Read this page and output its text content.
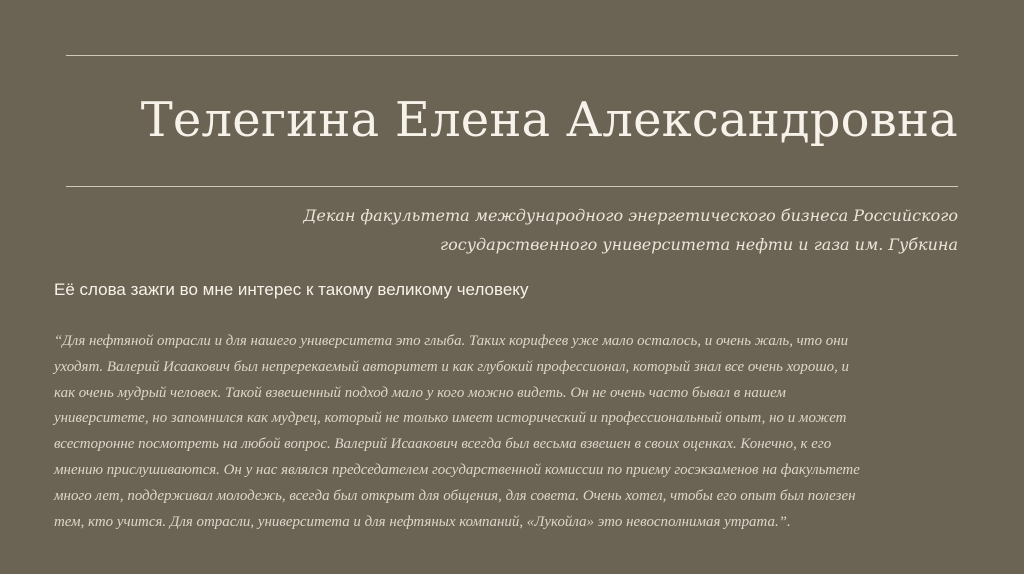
Телегина Елена Александровна

Декан факультета международного энергетического бизнеса Российского
государственного университета нефти и газа им. Губкина

Её слова зажги во мне интерес к такому великому человеку

“Для нефтяной отрасли и для нашего университета это глыба. Таких корифеев уже мало осталось, и очень жаль, что они
уходят. Валерий Исаакович был непререкаемый авторитет и как глубокий профессионал, который знал все очень хорошо, и
как очень мудрый человек. Такой взвешенный подход мало у кого можно видеть. Он не очень часто бывал в нашем
университете, но запомнился как мудрец, который не только имеет исторический и профессиональный опыт, но и может
всесторонне посмотреть на любой вопрос. Валерий Исаакович всегда был весьма взвешен в своих оценках. Конечно, к его
мнению прислушиваются. Он у нас являлся председателем государственной комиссии по приему госэкзаменов на факультете
много лет, поддерживал молодежь, всегда был открыт для общения, для совета. Очень хотел, чтобы его опыт был полезен
тем, кто учится. Для отрасли, университета и для нефтяных компаний, «Лукойла» это невосполнимая утрата.”.
